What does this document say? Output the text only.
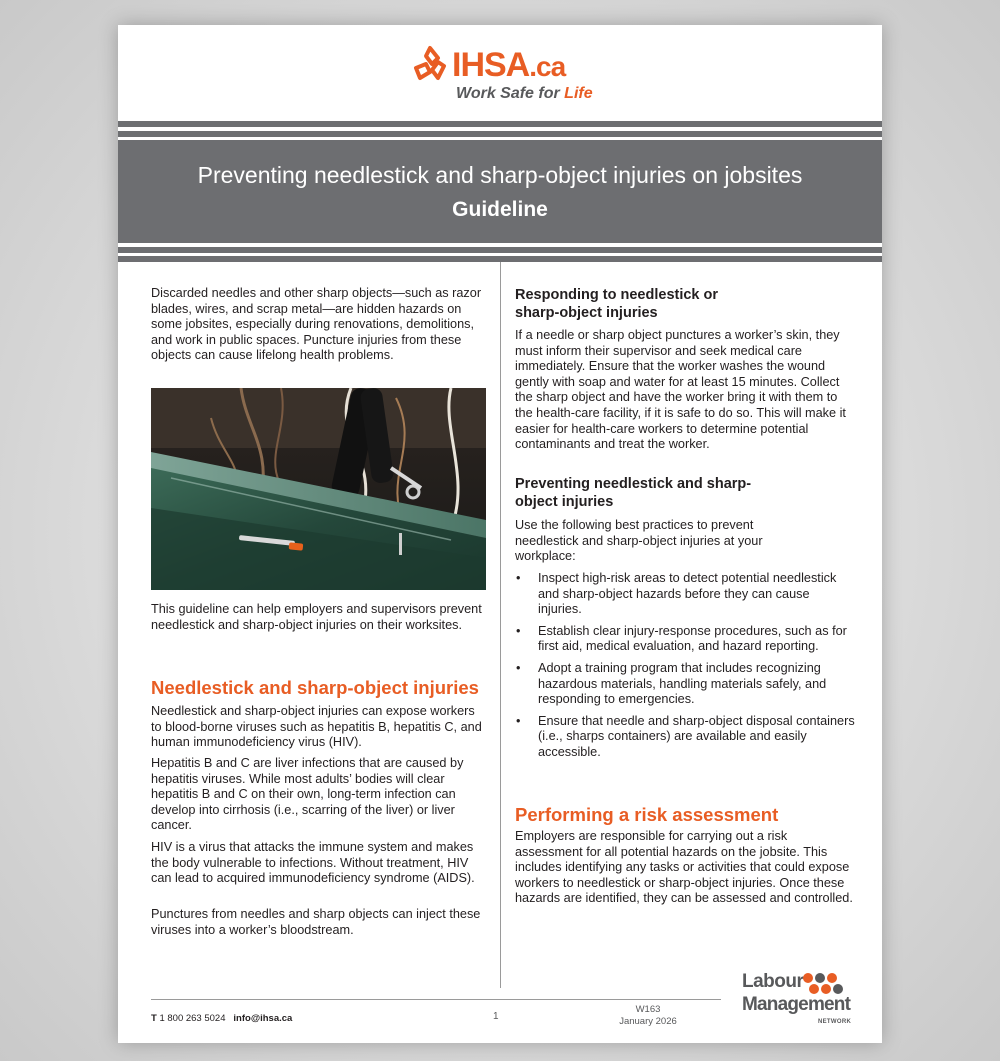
IHSA.ca
Work Safe for Life
Preventing needlestick and sharp-object injuries on jobsites
Guideline

Discarded needles and other sharp objects—such as razor blades, wires, and scrap metal—are hidden hazards on some jobsites, especially during renovations, demolitions, and work in public spaces. Puncture injuries from these objects can cause lifelong health problems.

This guideline can help employers and supervisors prevent needlestick and sharp-object injuries on their worksites.

Needlestick and sharp-object injuries

Needlestick and sharp-object injuries can expose workers to blood-borne viruses such as hepatitis B, hepatitis C, and human immunodeficiency virus (HIV).

Hepatitis B and C are liver infections that are caused by hepatitis viruses. While most adults’ bodies will clear hepatitis B and C on their own, long-term infection can develop into cirrhosis (i.e., scarring of the liver) or liver cancer.

HIV is a virus that attacks the immune system and makes the body vulnerable to infections. Without treatment, HIV can lead to acquired immunodeficiency syndrome (AIDS).

Punctures from needles and sharp objects can inject these viruses into a worker’s bloodstream.

Responding to needlestick or sharp-object injuries

If a needle or sharp object punctures a worker’s skin, they must inform their supervisor and seek medical care immediately. Ensure that the worker washes the wound gently with soap and water for at least 15 minutes. Collect the sharp object and have the worker bring it with them to the health-care facility, if it is safe to do so. This will make it easier for health-care workers to determine potential contaminants and treat the worker.

Preventing needlestick and sharp-object injuries

Use the following best practices to prevent needlestick and sharp-object injuries at your workplace:

• Inspect high-risk areas to detect potential needlestick and sharp-object hazards before they can cause injuries.
• Establish clear injury-response procedures, such as for first aid, medical evaluation, and hazard reporting.
• Adopt a training program that includes recognizing hazardous materials, handling materials safely, and responding to emergencies.
• Ensure that needle and sharp-object disposal containers (i.e., sharps containers) are available and easily accessible.
Performing a risk assessment

Employers are responsible for carrying out a risk assessment for all potential hazards on the jobsite. This includes identifying any tasks or activities that could expose workers to needlestick or sharp-object injuries. Once these hazards are identified, they can be assessed and controlled.

T 1 800 263 5024 info@ihsa.ca	1
W163
January 2026
Labour
Management
NETWORK
